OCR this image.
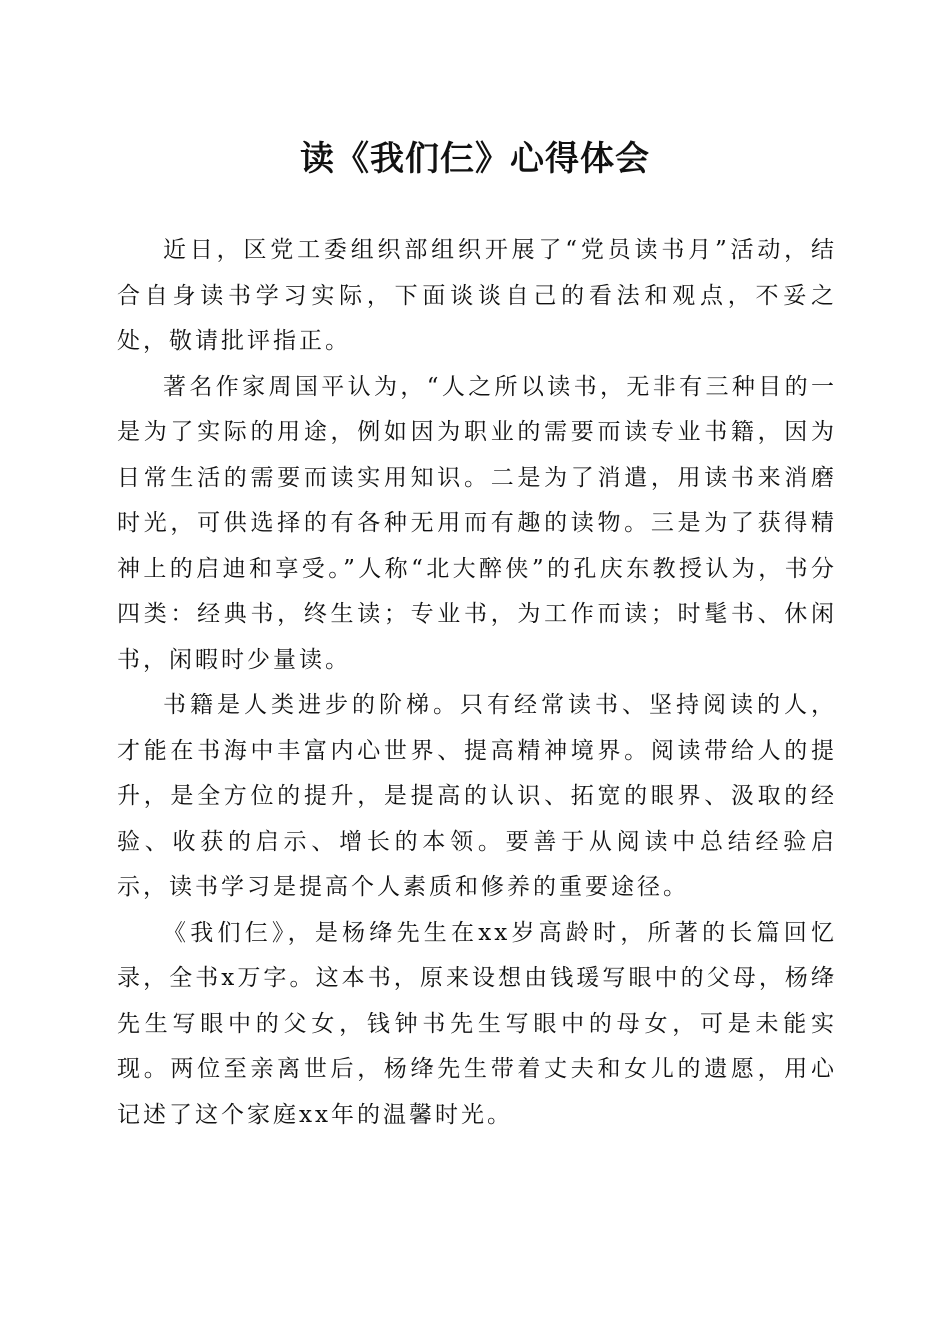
读《我们仨》心得体会

近日，区党工委组织部组织开展了“党员读书月”活动，结合自身读书学习实际，下面谈谈自己的看法和观点，不妥之处，敬请批评指正。

著名作家周国平认为，“人之所以读书，无非有三种目的一是为了实际的用途，例如因为职业的需要而读专业书籍，因为日常生活的需要而读实用知识。二是为了消遣，用读书来消磨时光，可供选择的有各种无用而有趣的读物。三是为了获得精神上的启迪和享受。”人称“北大醉侠”的孔庆东教授认为，书分四类：经典书，终生读；专业书，为工作而读；时髦书、休闲书，闲暇时少量读。

书籍是人类进步的阶梯。只有经常读书、坚持阅读的人，才能在书海中丰富内心世界、提高精神境界。阅读带给人的提升，是全方位的提升，是提高的认识、拓宽的眼界、汲取的经验、收获的启示、增长的本领。要善于从阅读中总结经验启示，读书学习是提高个人素质和修养的重要途径。

《我们仨》，是杨绛先生在xx岁高龄时，所著的长篇回忆录，全书x万字。这本书，原来设想由钱瑗写眼中的父母，杨绛先生写眼中的父女，钱钟书先生写眼中的母女，可是未能实现。两位至亲离世后，杨绛先生带着丈夫和女儿的遗愿，用心记述了这个家庭xx年的温馨时光。
